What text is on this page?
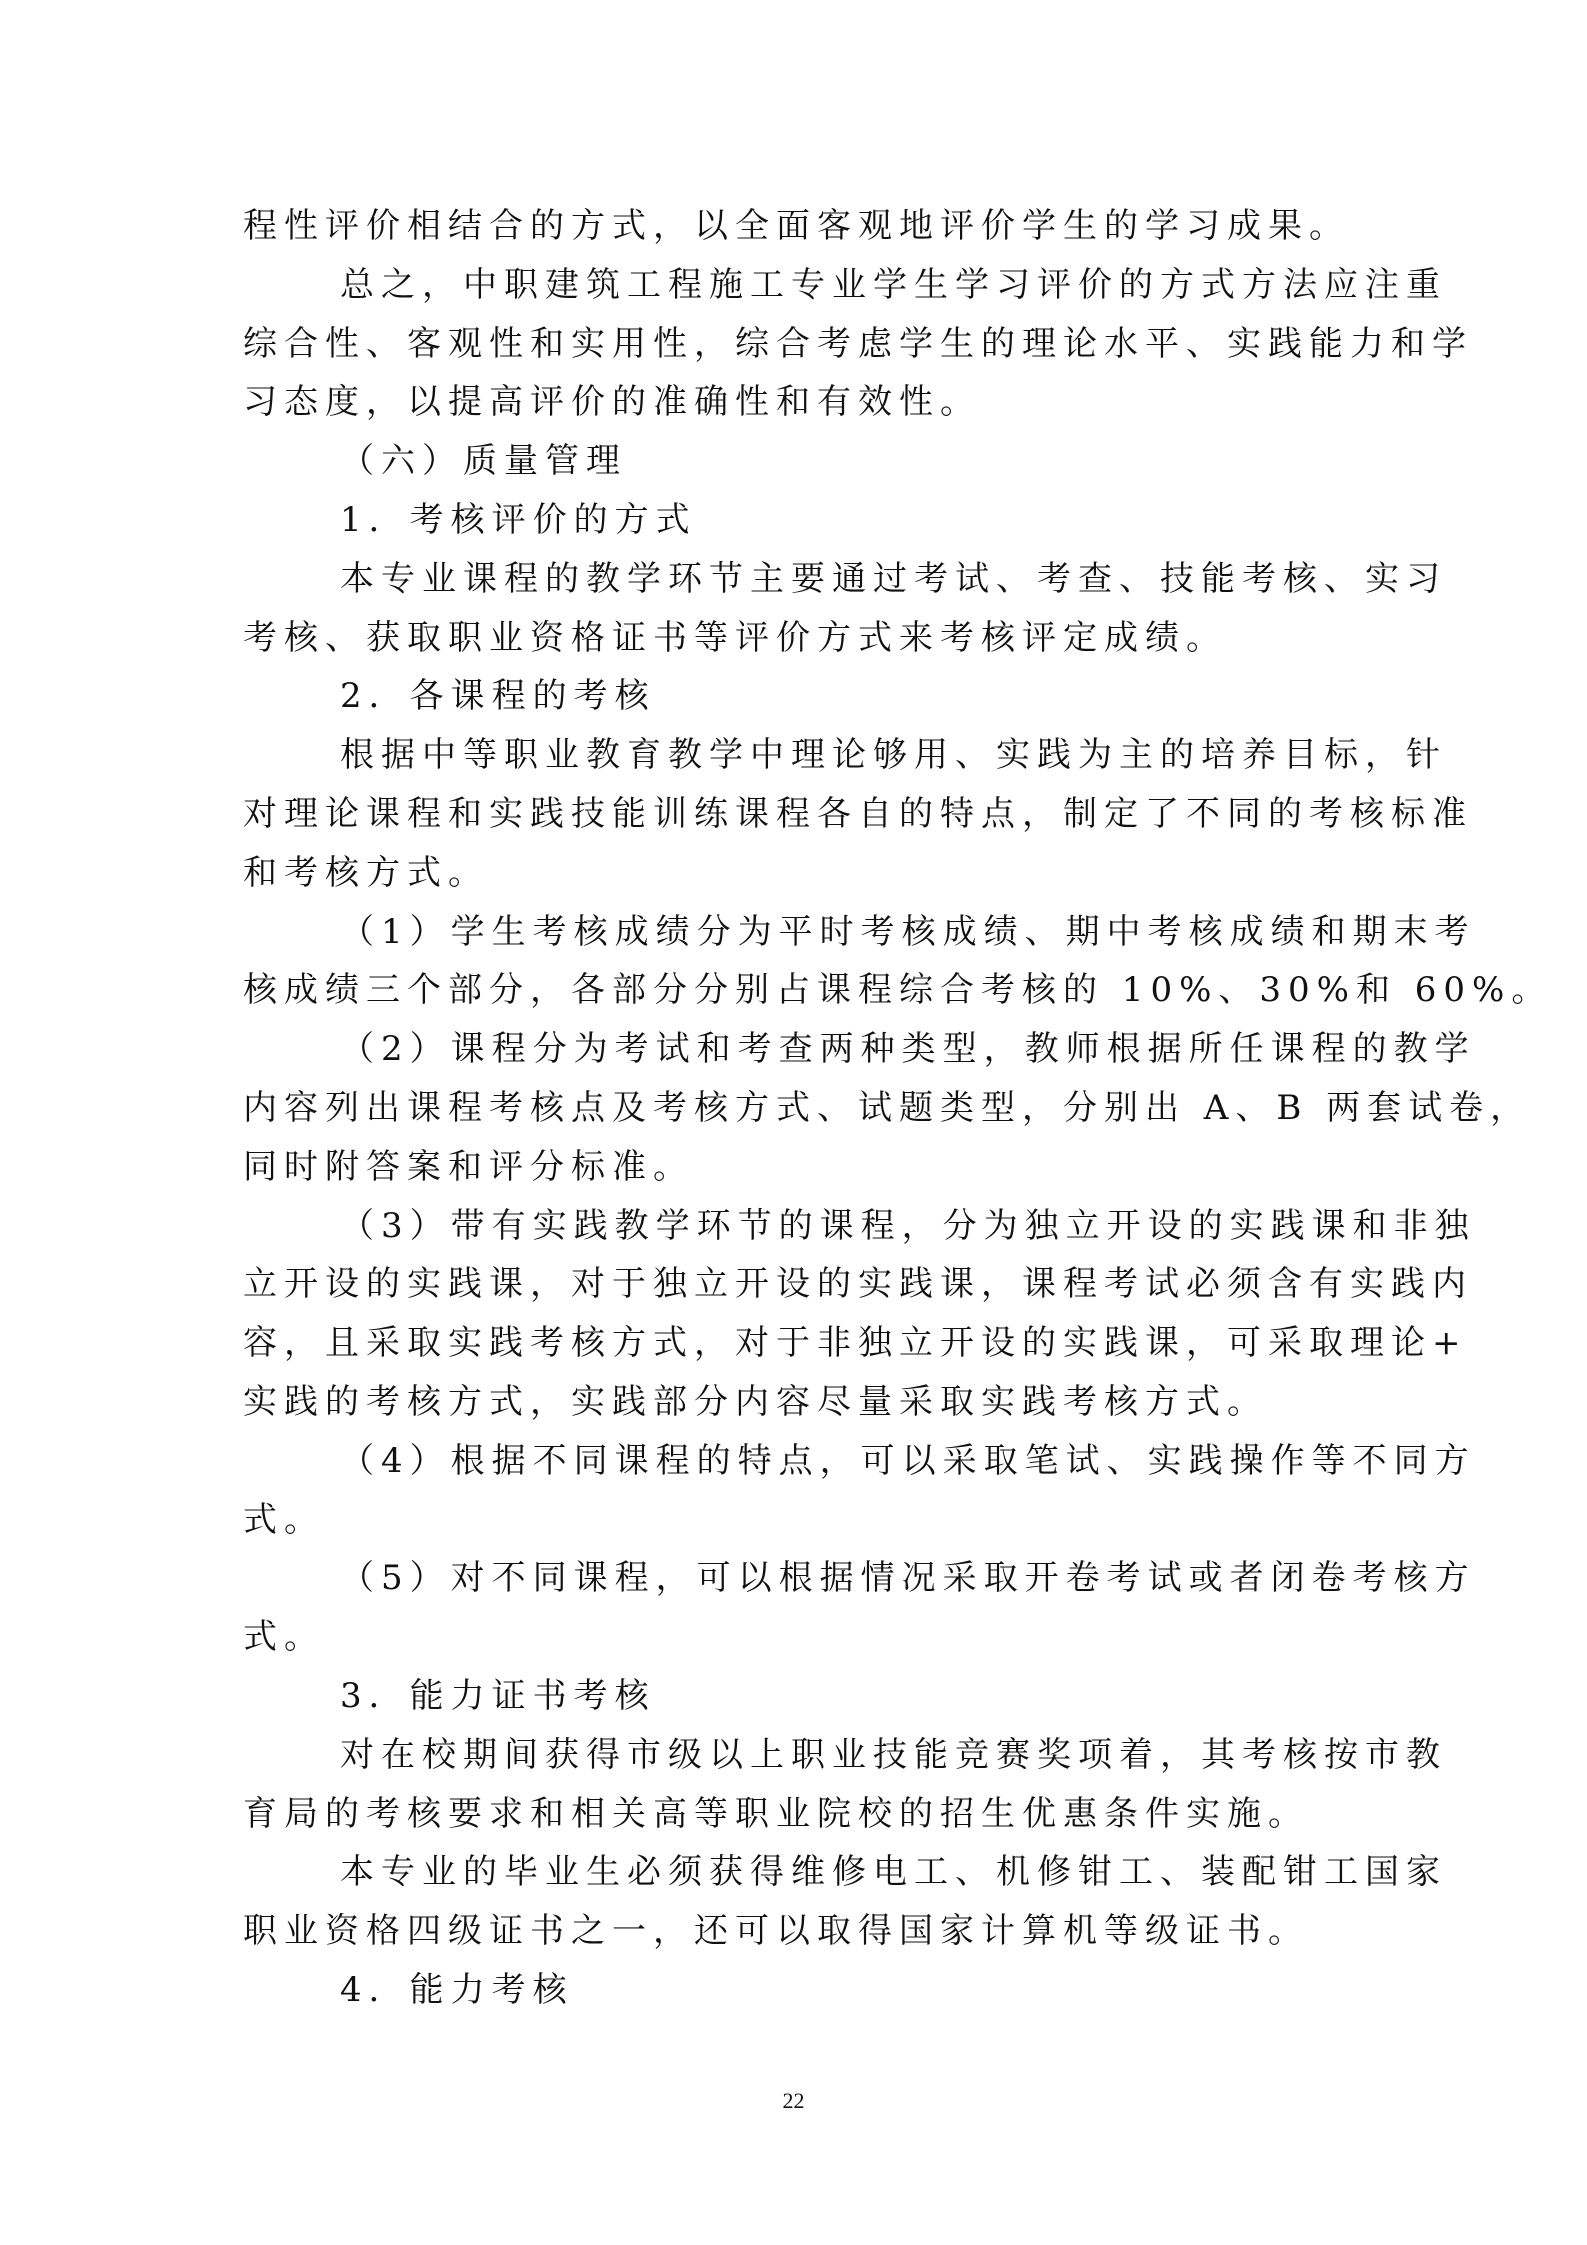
程性评价相结合的方式，以全面客观地评价学生的学习成果。
总之，中职建筑工程施工专业学生学习评价的方式方法应注重
综合性、客观性和实用性，综合考虑学生的理论水平、实践能力和学
习态度，以提高评价的准确性和有效性。
（六）质量管理
1．考核评价的方式
本专业课程的教学环节主要通过考试、考查、技能考核、实习
考核、获取职业资格证书等评价方式来考核评定成绩。
2．各课程的考核
根据中等职业教育教学中理论够用、实践为主的培养目标，针
对理论课程和实践技能训练课程各自的特点，制定了不同的考核标准
和考核方式。
（1）学生考核成绩分为平时考核成绩、期中考核成绩和期末考
核成绩三个部分，各部分分别占课程综合考核的 10%、30%和 60%。
（2）课程分为考试和考查两种类型，教师根据所任课程的教学
内容列出课程考核点及考核方式、试题类型，分别出 A、B 两套试卷，
同时附答案和评分标准。
（3）带有实践教学环节的课程，分为独立开设的实践课和非独
立开设的实践课，对于独立开设的实践课，课程考试必须含有实践内
容，且采取实践考核方式，对于非独立开设的实践课，可采取理论+
实践的考核方式，实践部分内容尽量采取实践考核方式。
（4）根据不同课程的特点，可以采取笔试、实践操作等不同方
式。
（5）对不同课程，可以根据情况采取开卷考试或者闭卷考核方
式。
3．能力证书考核
对在校期间获得市级以上职业技能竞赛奖项着，其考核按市教
育局的考核要求和相关高等职业院校的招生优惠条件实施。
本专业的毕业生必须获得维修电工、机修钳工、装配钳工国家
职业资格四级证书之一，还可以取得国家计算机等级证书。
4．能力考核
22
